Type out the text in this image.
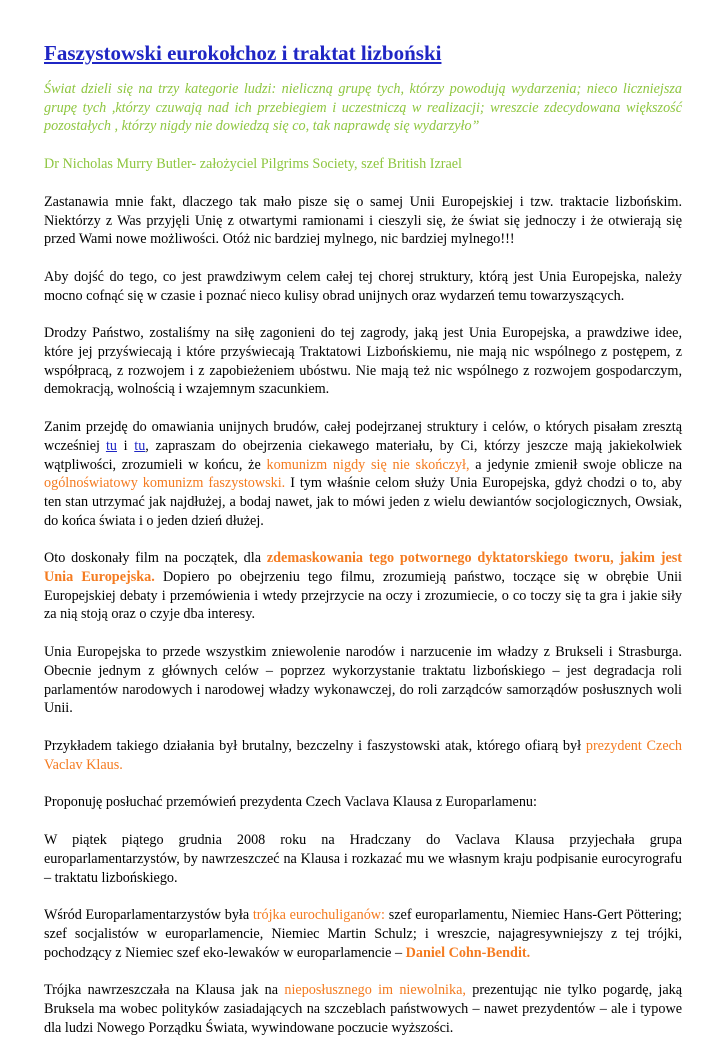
Faszystowski eurokołchoz i traktat lizboński

Świat dzieli się na trzy kategorie ludzi: nieliczną grupę tych, którzy powodują wydarzenia; nieco liczniejsza grupę tych ,którzy czuwają nad ich przebiegiem i uczestniczą w realizacji; wreszcie zdecydowana większość pozostałych , którzy nigdy nie dowiedzą się co, tak naprawdę się wydarzyło”

Dr Nicholas Murry Butler- założyciel Pilgrims Society, szef British Izrael

Zastanawia mnie fakt, dlaczego tak mało pisze się o samej Unii Europejskiej i tzw. traktacie lizbońskim. Niektórzy z Was przyjęli Unię z otwartymi ramionami i cieszyli się, że świat się jednoczy i że otwierają się przed Wami nowe możliwości. Otóż nic bardziej mylnego, nic bardziej mylnego!!!

Aby dojść do tego, co jest prawdziwym celem całej tej chorej struktury, którą jest Unia Europejska, należy mocno cofnąć się w czasie i poznać nieco kulisy obrad unijnych oraz wydarzeń temu towarzyszących.

Drodzy Państwo, zostaliśmy na siłę zagonieni do tej zagrody, jaką jest Unia Europejska, a prawdziwe idee, które jej przyświecają i które przyświecają Traktatowi Lizbońskiemu, nie mają nic wspólnego z postępem, z współpracą, z rozwojem i z zapobieżeniem ubóstwu. Nie mają też nic wspólnego z rozwojem gospodarczym, demokracją, wolnością i wzajemnym szacunkiem.

Zanim przejdę do omawiania unijnych brudów, całej podejrzanej struktury i celów, o których pisałam zresztą wcześniej tu i tu, zapraszam do obejrzenia ciekawego materiału, by Ci, którzy jeszcze mają jakiekolwiek wątpliwości, zrozumieli w końcu, że komunizm nigdy się nie skończył, a jedynie zmienił swoje oblicze na ogólnoświatowy komunizm faszystowski. I tym właśnie celom służy Unia Europejska, gdyż chodzi o to, aby ten stan utrzymać jak najdłużej, a bodaj nawet, jak to mówi jeden z wielu dewiantów socjologicznych, Owsiak, do końca świata i o jeden dzień dłużej.

Oto doskonały film na początek, dla zdemaskowania tego potwornego dyktatorskiego tworu, jakim jest Unia Europejska. Dopiero po obejrzeniu tego filmu, zrozumieją państwo, toczące się w obrębie Unii Europejskiej debaty i przemówienia i wtedy przejrzycie na oczy i zrozumiecie, o co toczy się ta gra i jakie siły za nią stoją oraz o czyje dba interesy.

Unia Europejska to przede wszystkim zniewolenie narodów i narzucenie im władzy z Brukseli i Strasburga. Obecnie jednym z głównych celów – poprzez wykorzystanie traktatu lizbońskiego – jest degradacja roli parlamentów narodowych i narodowej władzy wykonawczej, do roli zarządców samorządów posłusznych woli Unii.

Przykładem takiego działania był brutalny, bezczelny i faszystowski atak, którego ofiarą był prezydent Czech Vaclav Klaus.

Proponuję posłuchać przemówień prezydenta Czech Vaclava Klausa z Europarlamenu:

W piątek piątego grudnia 2008 roku na Hradczany do Vaclava Klausa przyjechała grupa europarlamentarzystów, by nawrzeszczeć na Klausa i rozkazać mu we własnym kraju podpisanie eurocyrografu – traktatu lizbońskiego.

Wśród Europarlamentarzystów była trójka eurochuliganów: szef europarlamentu, Niemiec Hans-Gert Pöttering; szef socjalistów w europarlamencie, Niemiec Martin Schulz; i wreszcie, najagresywniejszy z tej trójki, pochodzący z Niemiec szef eko-lewaków w europarlamencie – Daniel Cohn-Bendit.

Trójka nawrzeszczała na Klausa jak na nieposłusznego im niewolnika, prezentując nie tylko pogardę, jaką Bruksela ma wobec polityków zasiadających na szczeblach państwowych – nawet prezydentów – ale i typowe dla ludzi Nowego Porządku Świata, wywindowane poczucie wyższości.
